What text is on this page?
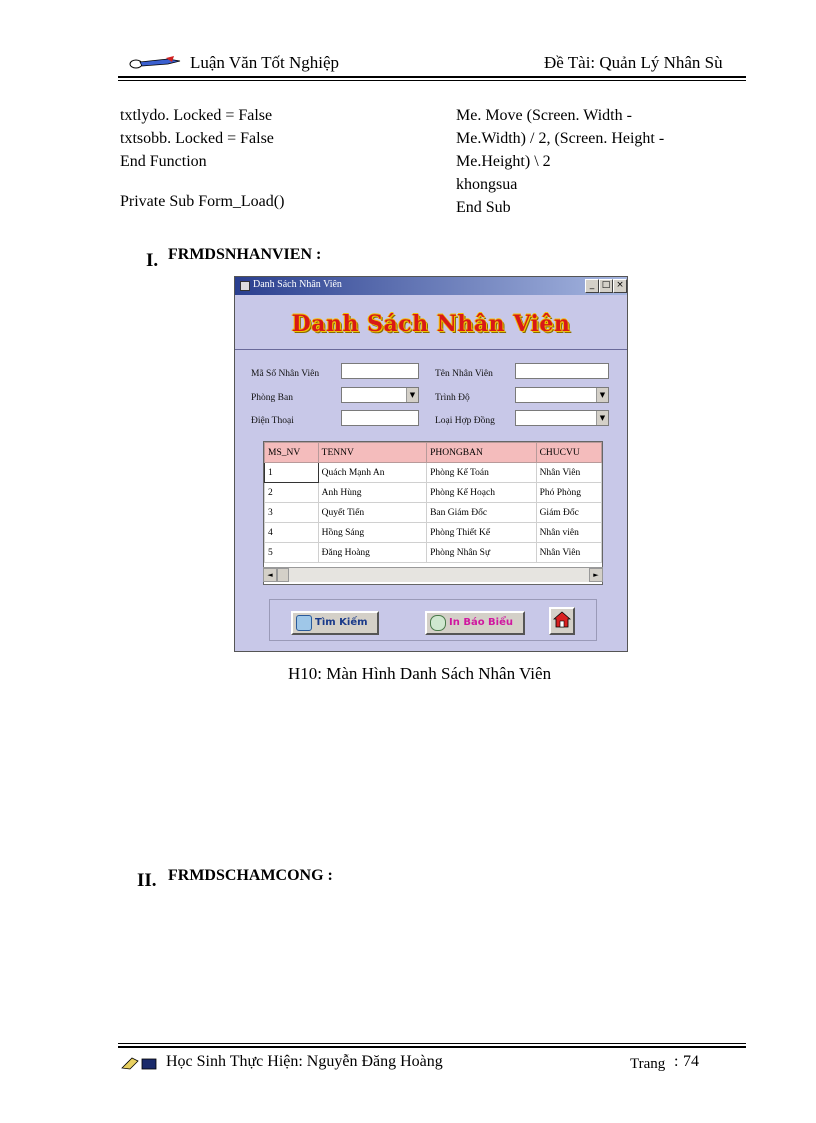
Luận Văn Tốt Nghiệp	Đề Tài: Quản Lý Nhân Sù
txtlydo. Locked = False
txtsobb. Locked = False
End Function
Private Sub Form_Load()
Me. Move (Screen. Width -
Me.Width) / 2, (Screen. Height -
Me.Height) \ 2
khongsua
End Sub
I. FRMDSNHANVIEN :
Danh Sách Nhân Viên	_ □ ×
Danh Sách Nhân Viên
Mã Số Nhân Viên	Tên Nhân Viên
Phòng Ban	▼ Trình Độ	▼
Điện Thoại	Loại Hợp Đồng	▼
MS_NV	TENNV	PHONGBAN	CHUCVU
1	Quách Mạnh An	Phòng Kế Toán	Nhân Viên
2	Anh Hùng	Phòng Kế Hoạch	Phó Phòng
3	Quyết Tiến	Ban Giám Đốc	Giám Đốc
4	Hồng Sáng	Phòng Thiết Kế	Nhân viên
5	Đăng Hoàng	Phòng Nhân Sự	Nhân Viên
◄	►
Tìm Kiếm	In Báo Biểu
H10: Màn Hình Danh Sách Nhân Viên
II. FRMDSCHAMCONG :
Học Sinh Thực Hiện: Nguyễn Đăng Hoàng	Trang : 74
